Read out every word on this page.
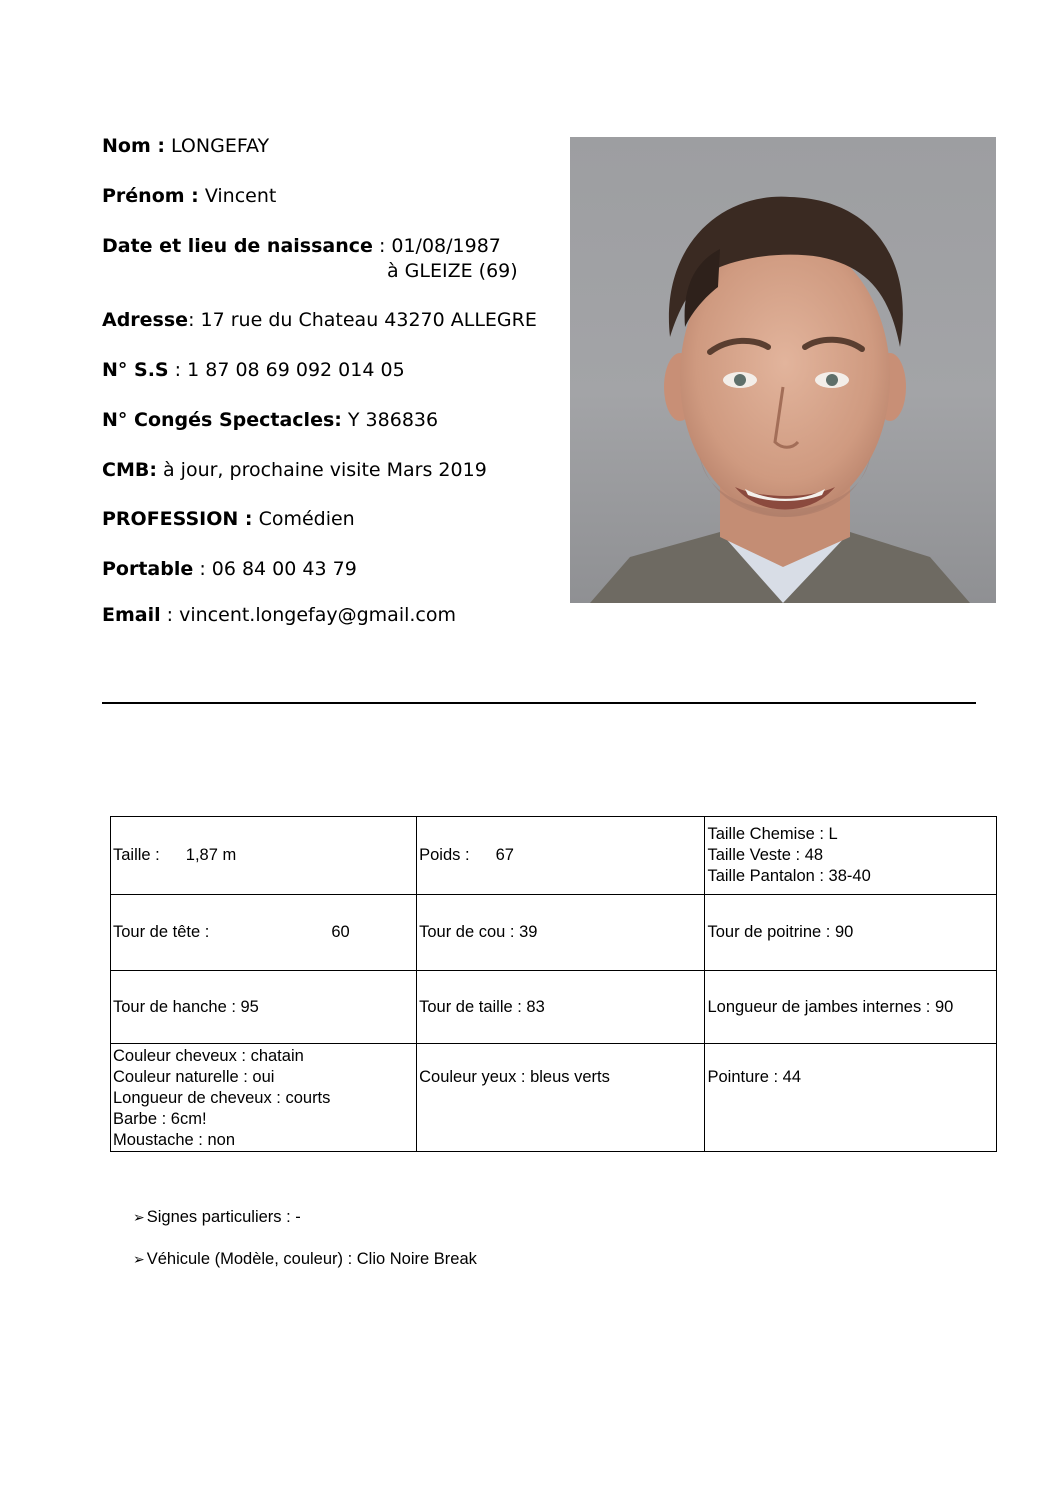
Nom : LONGEFAY
Prénom : Vincent
Date et lieu de naissance : 01/08/1987
à GLEIZE (69)
Adresse: 17 rue du Chateau 43270 ALLEGRE
N° S.S : 1 87 08 69 092 014 05
N° Congés Spectacles: Y 386836
CMB: à jour, prochaine visite Mars 2019
PROFESSION : Comédien
Portable : 06 84 00 43 79
Email : vincent.longefay@gmail.com
Taille : 1,87 m	Poids : 67	Taille Chemise : L
Taille Veste : 48
Taille Pantalon : 38-40

Tour de tête : 60	Tour de cou : 39	Tour de poitrine : 90
Tour de hanche : 95	Tour de taille : 83	Longueur de jambes internes : 90

Couleur cheveux : chatain
Couleur naturelle : oui
Longueur de cheveux : courts
Barbe : 6cm!
Moustache : non	Couleur yeux : bleus verts	Pointure : 44
➢ Signes particuliers : -
➢ Véhicule (Modèle, couleur) : Clio Noire Break
